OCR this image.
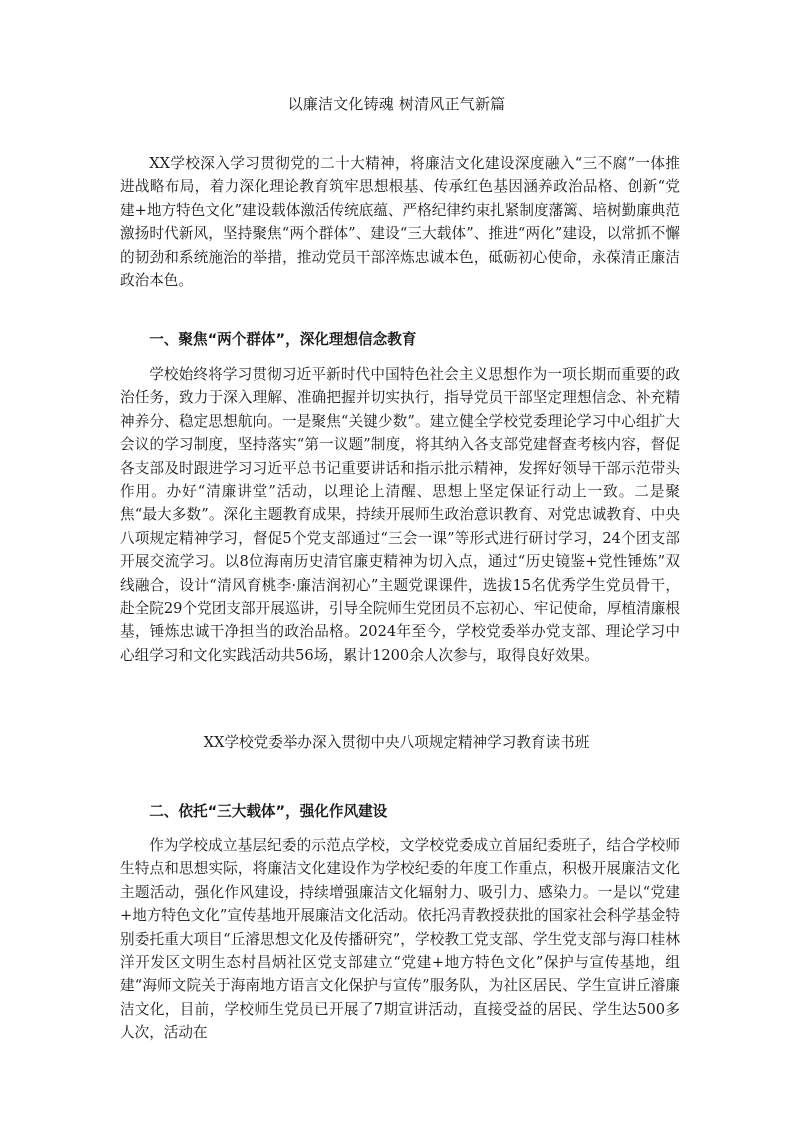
以廉洁文化铸魂 树清风正气新篇

XX学校深入学习贯彻党的二十大精神，将廉洁文化建设深度融入“三不腐”一体推进战略布局，着力深化理论教育筑牢思想根基、传承红色基因涵养政治品格、创新“党建+地方特色文化”建设载体激活传统底蕴、严格纪律约束扎紧制度藩篱、培树勤廉典范激扬时代新风，坚持聚焦“两个群体”、建设“三大载体”、推进“两化”建设，以常抓不懈的韧劲和系统施治的举措，推动党员干部淬炼忠诚本色，砥砺初心使命，永葆清正廉洁政治本色。

一、聚焦“两个群体”，深化理想信念教育

学校始终将学习贯彻习近平新时代中国特色社会主义思想作为一项长期而重要的政治任务，致力于深入理解、准确把握并切实执行，指导党员干部坚定理想信念、补充精神养分、稳定思想航向。一是聚焦“关键少数”。建立健全学校党委理论学习中心组扩大会议的学习制度，坚持落实“第一议题”制度，将其纳入各支部党建督查考核内容，督促各支部及时跟进学习习近平总书记重要讲话和指示批示精神，发挥好领导干部示范带头作用。办好“清廉讲堂”活动，以理论上清醒、思想上坚定保证行动上一致。二是聚焦“最大多数”。深化主题教育成果，持续开展师生政治意识教育、对党忠诚教育、中央八项规定精神学习，督促5个党支部通过“三会一课”等形式进行研讨学习，24个团支部开展交流学习。以8位海南历史清官廉吏精神为切入点，通过“历史镜鉴+党性锤炼”双线融合，设计“清风育桃李·廉洁润初心”主题党课课件，选拔15名优秀学生党员骨干，赴全院29个党团支部开展巡讲，引导全院师生党团员不忘初心、牢记使命，厚植清廉根基，锤炼忠诚干净担当的政治品格。2024年至今，学校党委举办党支部、理论学习中心组学习和文化实践活动共56场，累计1200余人次参与，取得良好效果。

XX学校党委举办深入贯彻中央八项规定精神学习教育读书班
二、依托“三大载体”，强化作风建设

作为学校成立基层纪委的示范点学校，文学校党委成立首届纪委班子，结合学校师生特点和思想实际，将廉洁文化建设作为学校纪委的年度工作重点，积极开展廉洁文化主题活动，强化作风建设，持续增强廉洁文化辐射力、吸引力、感染力。一是以“党建+地方特色文化”宣传基地开展廉洁文化活动。依托冯青教授获批的国家社会科学基金特别委托重大项目“丘濬思想文化及传播研究”，学校教工党支部、学生党支部与海口桂林洋开发区文明生态村昌炳社区党支部建立“党建+地方特色文化”保护与宣传基地，组建“海师文院关于海南地方语言文化保护与宣传”服务队，为社区居民、学生宣讲丘濬廉洁文化，目前，学校师生党员已开展了7期宣讲活动，直接受益的居民、学生达500多人次，活动在
